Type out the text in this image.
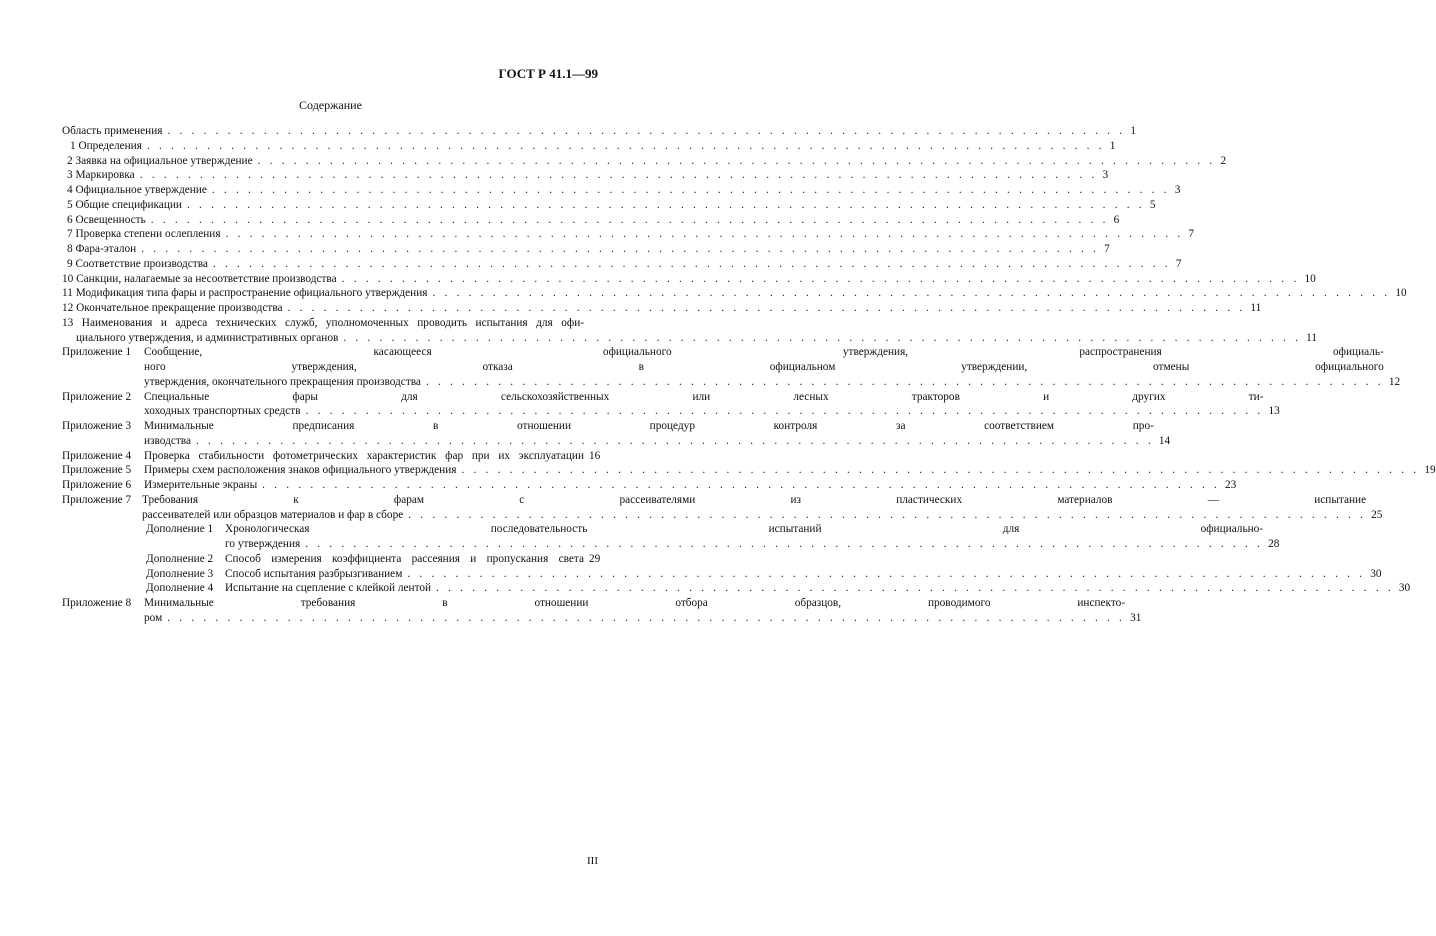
ГОСТ Р 41.1—99
Содержание
Область применения . . . . . . . . . . . . . . . . . . . . . . . . . . . . . . . . . . . . . . . . . . . . . . . . . . . . . . . . . . . . . . . . . . . . . . . . . . . . . . . . 1
1 Определения . . . . . . . . . . . . . . . . . . . . . . . . . . . . . . . . . . . . . . . . . . . . . . . . . . . . . . . . . . . . . . . . . . . . . . . . . . . . . . . . 1
2 Заявка на официальное утверждение . . . . . . . . . . . . . . . . . . . . . . . . . . . . . . . . . . . . . . . . . . . . . . . . . . . . . . . . . . . . . . . . . . . . . . . . . . . . . . . . 2
3 Маркировка . . . . . . . . . . . . . . . . . . . . . . . . . . . . . . . . . . . . . . . . . . . . . . . . . . . . . . . . . . . . . . . . . . . . . . . . . . . . . . . . 3
4 Официальное утверждение . . . . . . . . . . . . . . . . . . . . . . . . . . . . . . . . . . . . . . . . . . . . . . . . . . . . . . . . . . . . . . . . . . . . . . . . . . . . . . . . 3
5 Общие спецификации . . . . . . . . . . . . . . . . . . . . . . . . . . . . . . . . . . . . . . . . . . . . . . . . . . . . . . . . . . . . . . . . . . . . . . . . . . . . . . . . 5
6 Освещенность . . . . . . . . . . . . . . . . . . . . . . . . . . . . . . . . . . . . . . . . . . . . . . . . . . . . . . . . . . . . . . . . . . . . . . . . . . . . . . . . 6
7 Проверка степени ослепления . . . . . . . . . . . . . . . . . . . . . . . . . . . . . . . . . . . . . . . . . . . . . . . . . . . . . . . . . . . . . . . . . . . . . . . . . . . . . . . . 7
8 Фара-эталон . . . . . . . . . . . . . . . . . . . . . . . . . . . . . . . . . . . . . . . . . . . . . . . . . . . . . . . . . . . . . . . . . . . . . . . . . . . . . . . . 7
9 Соответствие производства . . . . . . . . . . . . . . . . . . . . . . . . . . . . . . . . . . . . . . . . . . . . . . . . . . . . . . . . . . . . . . . . . . . . . . . . . . . . . . . . 7
10 Санкции, налагаемые за несоответствие производства . . . . . . . . . . . . . . . . . . . . . . . . . . . . . . . . . . . . . . . . . . . . . . . . . . . . . . . . . . . . . . . . . . . . . . . . . . . . . . . . 10
11 Модификация типа фары и распространение официального утверждения . . . . . . . . . . . . . . . . . . . . . . . . . . . . . . . . . . . . . . . . . . . . . . . . . . . . . . . . . . . . . . . . . . . . . . . . . . . . . . . . 10
12 Окончательное прекращение производства . . . . . . . . . . . . . . . . . . . . . . . . . . . . . . . . . . . . . . . . . . . . . . . . . . . . . . . . . . . . . . . . . . . . . . . . . . . . . . . . 11
13 Наименования и адреса технических служб, уполномоченных проводить испытания для офи-
циального утверждения, и административных органов . . . . . . . . . . . . . . . . . . . . . . . . . . . . . . . . . . . . . . . . . . . . . . . . . . . . . . . . . . . . . . . . . . . . . . . . . . . . . . . . 11
Приложение 1	Сообщение, касающееся официального утверждения, распространения официаль-
ного утверждения, отказа в официальном утверждении, отмены официального
утверждения, окончательного прекращения производства . . . . . . . . . . . . . . . . . . . . . . . . . . . . . . . . . . . . . . . . . . . . . . . . . . . . . . . . . . . . . . . . . . . . . . . . . . . . . . . . 12
Приложение 2	Специальные фары для сельскохозяйственных или лесных тракторов и других ти-
хоходных транспортных средств . . . . . . . . . . . . . . . . . . . . . . . . . . . . . . . . . . . . . . . . . . . . . . . . . . . . . . . . . . . . . . . . . . . . . . . . . . . . . . . . 13
Приложение 3	Минимальные предписания в отношении процедур контроля за соответствием про-
изводства . . . . . . . . . . . . . . . . . . . . . . . . . . . . . . . . . . . . . . . . . . . . . . . . . . . . . . . . . . . . . . . . . . . . . . . . . . . . . . . . 14
Приложение 4	Проверка стабильности фотометрических характеристик фар при их эксплуатации 16
Приложение 5	Примеры схем расположения знаков официального утверждения . . . . . . . . . . . . . . . . . . . . . . . . . . . . . . . . . . . . . . . . . . . . . . . . . . . . . . . . . . . . . . . . . . . . . . . . . . . . . . . . 19
Приложение 6	Измерительные экраны . . . . . . . . . . . . . . . . . . . . . . . . . . . . . . . . . . . . . . . . . . . . . . . . . . . . . . . . . . . . . . . . . . . . . . . . . . . . . . . . 23
Приложение 7 Требования к фарам с рассеивателями из пластических материалов — испытание
рассеивателей или образцов материалов и фар в сборе . . . . . . . . . . . . . . . . . . . . . . . . . . . . . . . . . . . . . . . . . . . . . . . . . . . . . . . . . . . . . . . . . . . . . . . . . . . . . . . . 25
Дополнение 1	Хронологическая последовательность испытаний для официально-
го утверждения . . . . . . . . . . . . . . . . . . . . . . . . . . . . . . . . . . . . . . . . . . . . . . . . . . . . . . . . . . . . . . . . . . . . . . . . . . . . . . . . 28
Дополнение 2	Способ измерения коэффициента рассеяния и пропускания света 29
Дополнение 3	Способ испытания разбрызгиванием . . . . . . . . . . . . . . . . . . . . . . . . . . . . . . . . . . . . . . . . . . . . . . . . . . . . . . . . . . . . . . . . . . . . . . . . . . . . . . . . 30
Дополнение 4	Испытание на сцепление с клейкой лентой . . . . . . . . . . . . . . . . . . . . . . . . . . . . . . . . . . . . . . . . . . . . . . . . . . . . . . . . . . . . . . . . . . . . . . . . . . . . . . . . 30
Приложение 8	Минимальные требования в отношении отбора образцов, проводимого инспекто-
ром . . . . . . . . . . . . . . . . . . . . . . . . . . . . . . . . . . . . . . . . . . . . . . . . . . . . . . . . . . . . . . . . . . . . . . . . . . . . . . . . 31
III
